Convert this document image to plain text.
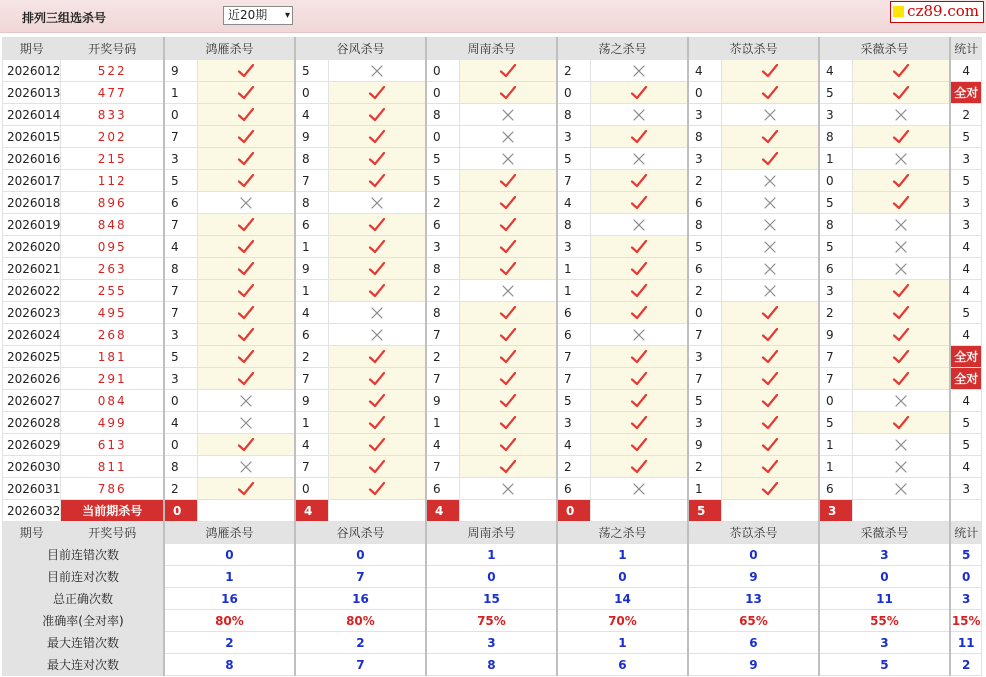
排列三组选杀号	近20期 ▾	cz89.com
期号	开奖号码	鸿雁杀号		谷风杀号		周南杀号		荡之杀号		苶苡杀号		采薇杀号		统计
2026012	522	9		5		0		2		4		4		4
2026013	477	1		0		0		0		0		5		全对
2026014	833	0		4		8		8		3		3		2
2026015	202	7		9		0		3		8		8		5
2026016	215	3		8		5		5		3		1		3
2026017	112	5		7		5		7		2		0		5
2026018	896	6		8		2		4		6		5		3
2026019	848	7		6		6		8		8		8		3
2026020	095	4		1		3		3		5		5		4
2026021	263	8		9		8		1		6		6		4
2026022	255	7		1		2		1		2		3		4
2026023	495	7		4		8		6		0		2		5
2026024	268	3		6		7		6		7		9		4
2026025	181	5		2		2		7		3		7		全对
2026026	291	3		7		7		7		7		7		全对
2026027	084	0		9		9		5		5		0		4
2026028	499	4		1		1		3		3		5		5
2026029	613	0		4		4		4		9		1		5
2026030	811	8		7		7		2		2		1		4
2026031	786	2		0		6		6		1		6		3
2026032	当前期杀号	0		4		4		0		5		3		
期号	开奖号码	鸿雁杀号		谷风杀号		周南杀号		荡之杀号		苶苡杀号		采薇杀号		统计
目前连错次数		0		0		1		1		0		3		5
目前连对次数		1		7		0		0		9		0		0
总正确次数		16		16		15		14		13		11		3
准确率(全对率)		80%		80%		75%		70%		65%		55%		15%
最大连错次数		2		2		3		1		6		3		11
最大连对次数		8		7		8		6		9		5		2
